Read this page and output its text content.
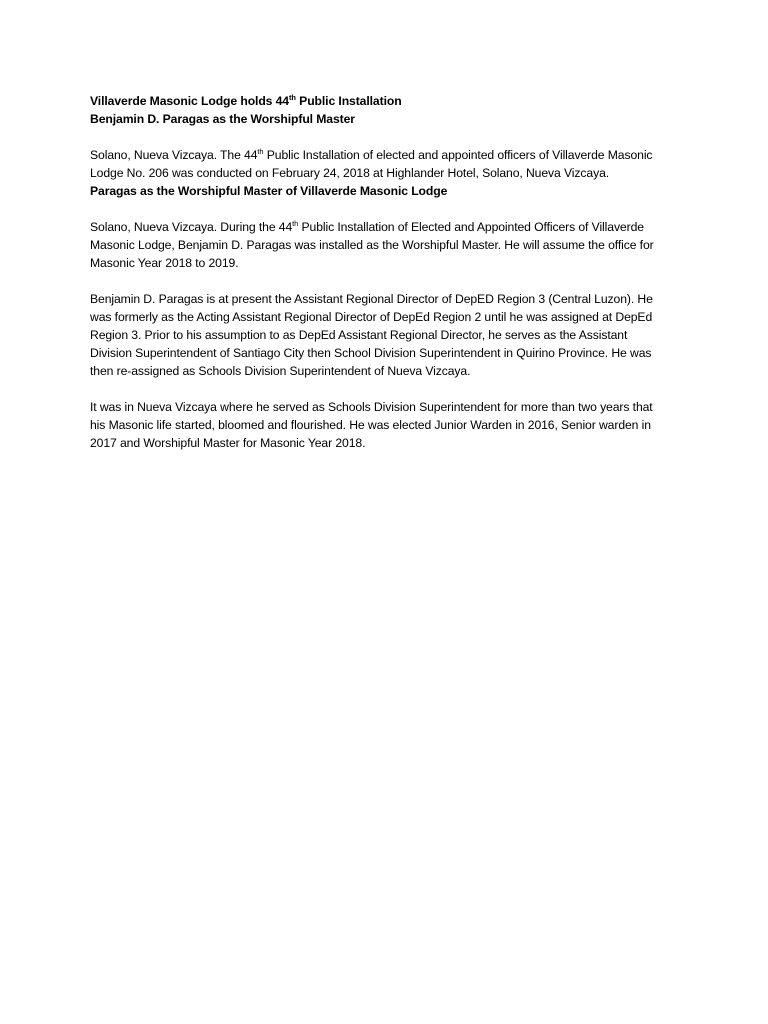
Villaverde Masonic Lodge holds 44th Public Installation
Benjamin D. Paragas as the Worshipful Master

Solano, Nueva Vizcaya. The 44th Public Installation of elected and appointed officers of Villaverde Masonic Lodge No. 206 was conducted on February 24, 2018 at Highlander Hotel, Solano, Nueva Vizcaya.

Paragas as the Worshipful Master of Villaverde Masonic Lodge

Solano, Nueva Vizcaya. During the 44th Public Installation of Elected and Appointed Officers of Villaverde Masonic Lodge, Benjamin D. Paragas was installed as the Worshipful Master. He will assume the office for Masonic Year 2018 to 2019.

Benjamin D. Paragas is at present the Assistant Regional Director of DepED Region 3 (Central Luzon). He was formerly as the Acting Assistant Regional Director of DepEd Region 2 until he was assigned at DepEd Region 3. Prior to his assumption to as DepEd Assistant Regional Director, he serves as the Assistant Division Superintendent of Santiago City then School Division Superintendent in Quirino Province. He was then re-assigned as Schools Division Superintendent of Nueva Vizcaya.

It was in Nueva Vizcaya where he served as Schools Division Superintendent for more than two years that his Masonic life started, bloomed and flourished. He was elected Junior Warden in 2016, Senior warden in 2017 and Worshipful Master for Masonic Year 2018.
